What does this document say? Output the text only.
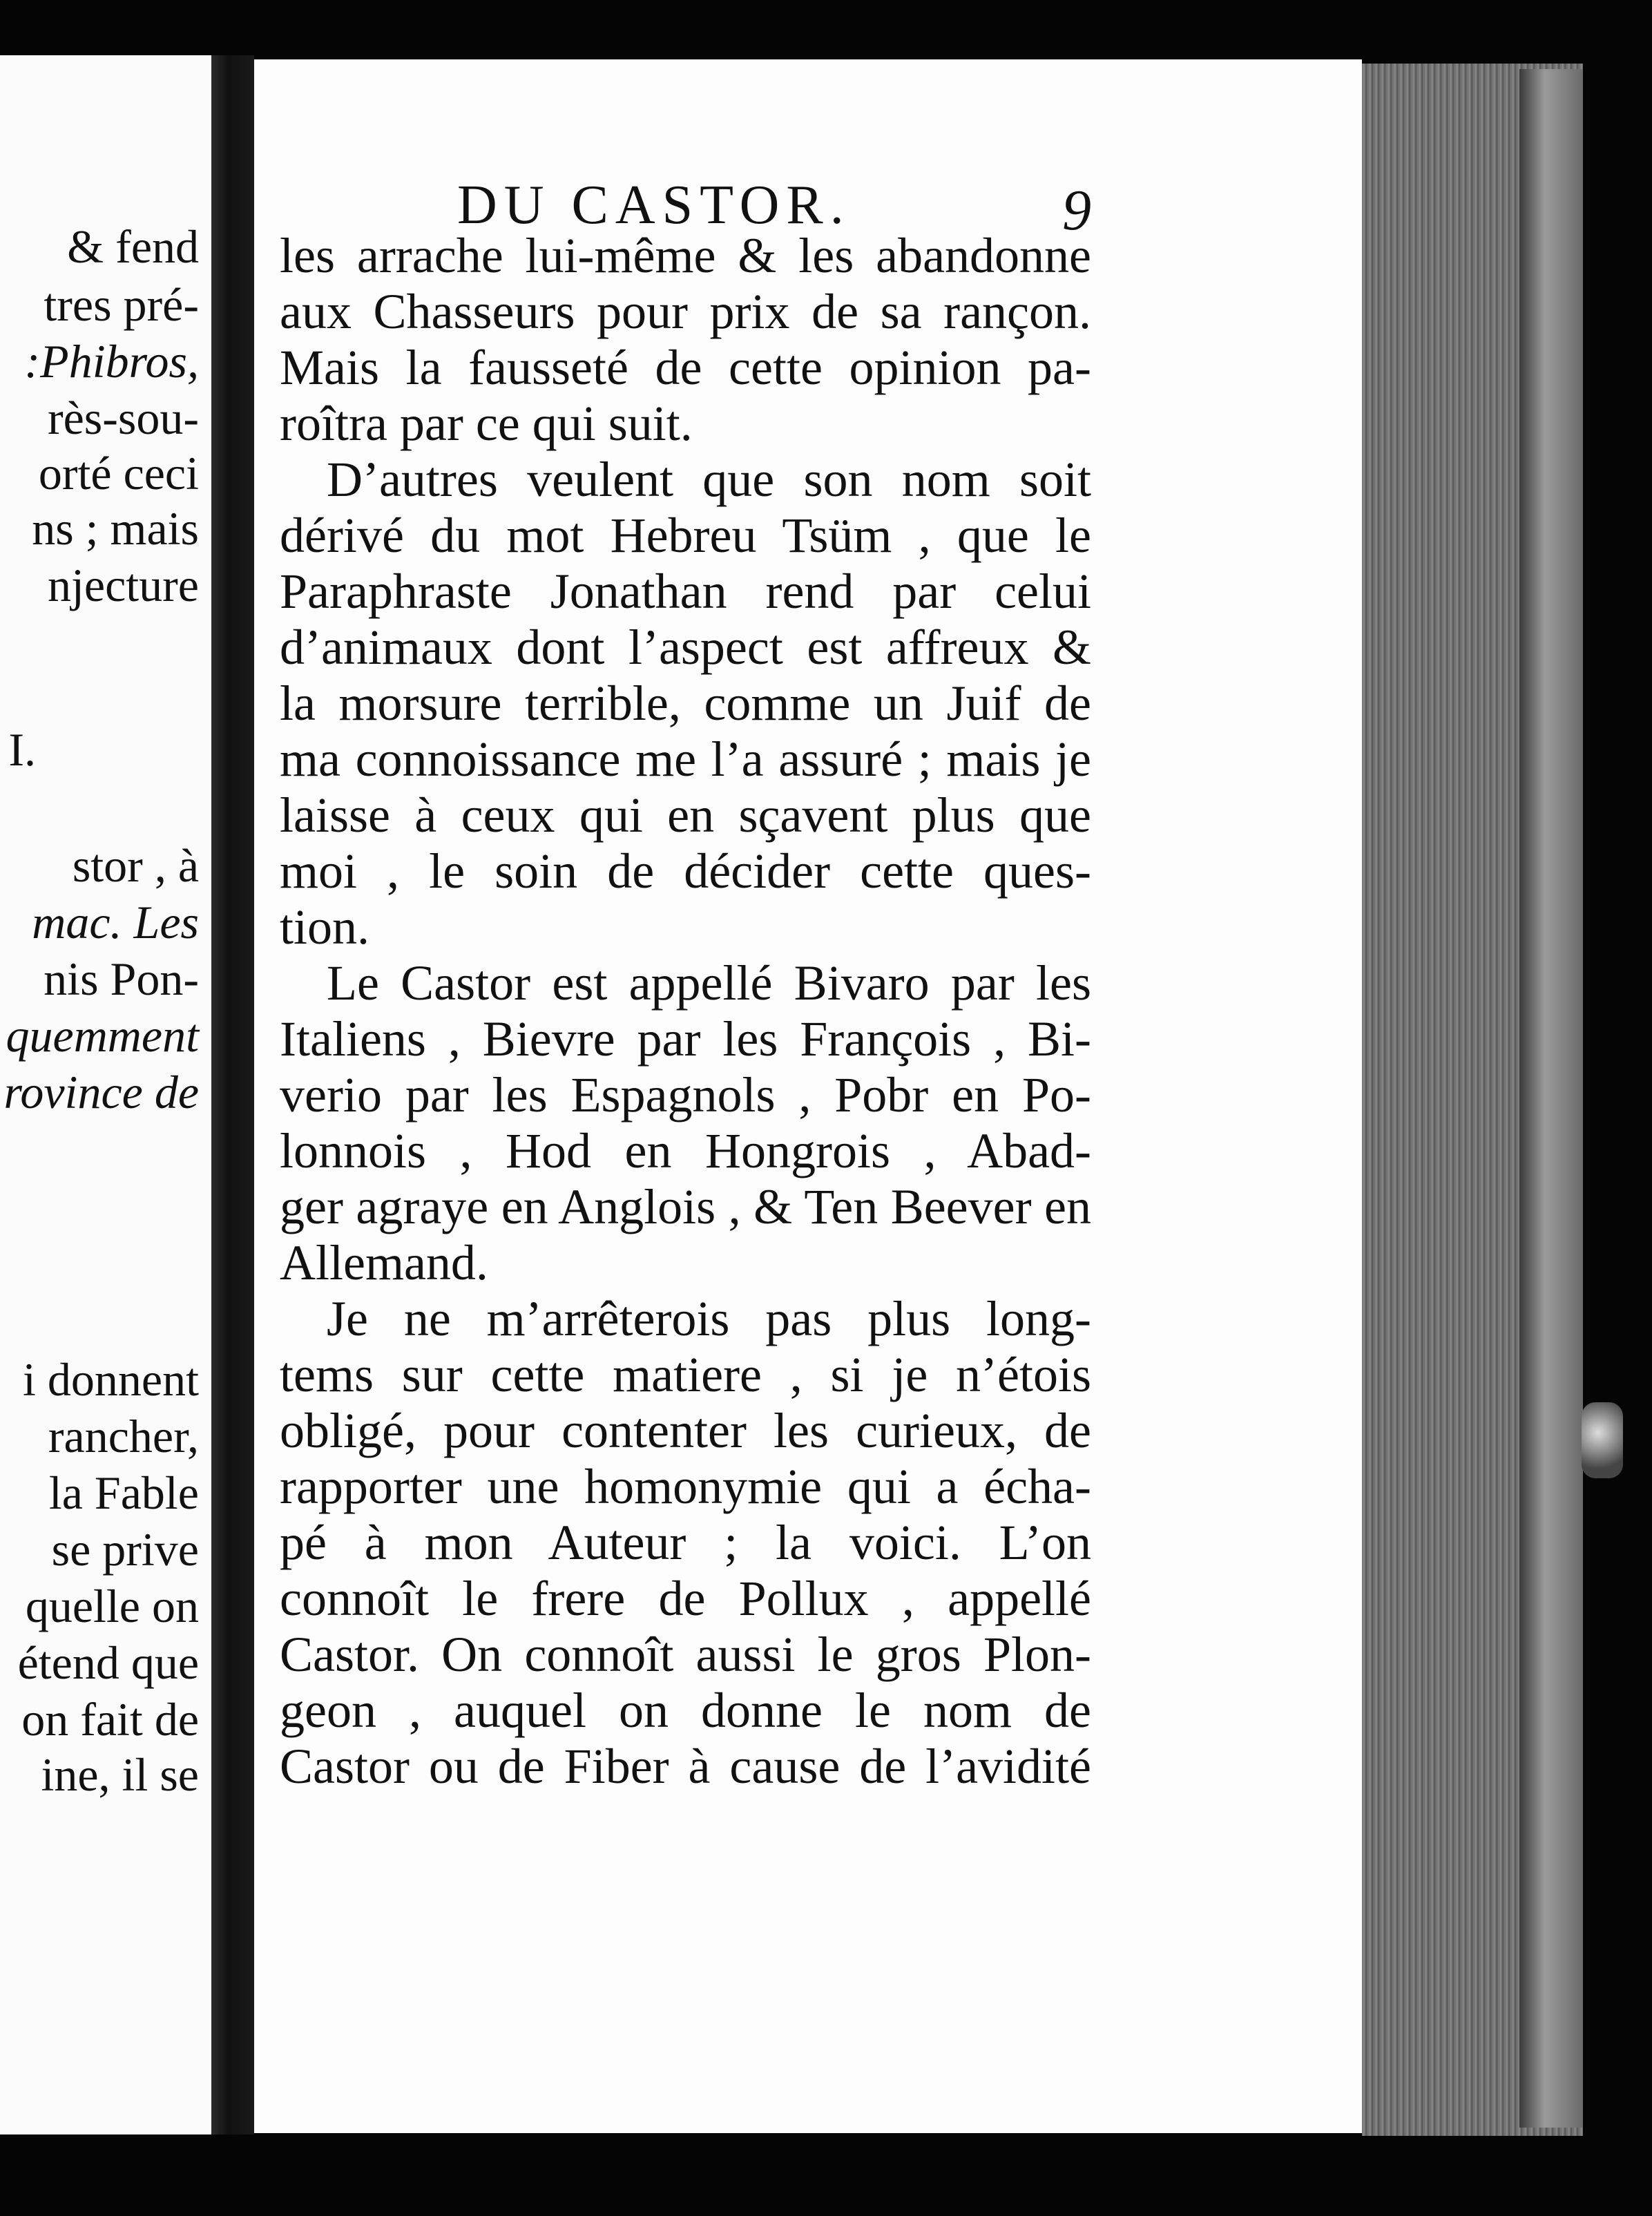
& fend
tres pré-
:Phibros,
rès-sou-
orté ceci
ns ; mais
njecture
I.
stor , à
mac. Les
nis Pon-
quemment
rovince de
i donnent
rancher,
la Fable
se prive
quelle on
étend que
on fait de
ine, il se
DU CASTOR.	9
les arrache lui-même & les abandonne
aux Chasseurs pour prix de sa rançon.
Mais la fausseté de cette opinion pa-
roîtra par ce qui suit.
D’autres veulent que son nom soit
dérivé du mot Hebreu Tsüm , que le
Paraphraste Jonathan rend par celui
d’animaux dont l’aspect est affreux &
la morsure terrible, comme un Juif de
ma connoissance me l’a assuré ; mais je
laisse à ceux qui en sçavent plus que
moi , le soin de décider cette ques-
tion.
Le Castor est appellé Bivaro par les
Italiens , Bievre par les François , Bi-
verio par les Espagnols , Pobr en Po-
lonnois , Hod en Hongrois , Abad-
ger agraye en Anglois , & Ten Beever en
Allemand.
Je ne m’arrêterois pas plus long-
tems sur cette matiere , si je n’étois
obligé, pour contenter les curieux, de
rapporter une homonymie qui a écha-
pé à mon Auteur ; la voici. L’on
connoît le frere de Pollux , appellé
Castor. On connoît aussi le gros Plon-
geon , auquel on donne le nom de
Castor ou de Fiber à cause de l’avidité
